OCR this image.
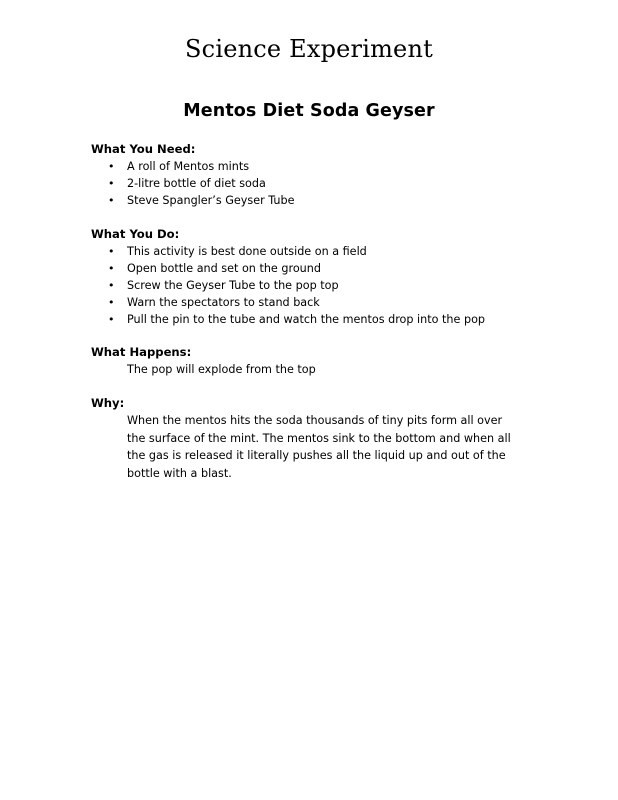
Science Experiment
Mentos Diet Soda Geyser
What You Need:
• A roll of Mentos mints
• 2-litre bottle of diet soda
• Steve Spangler’s Geyser Tube
What You Do:
• This activity is best done outside on a field
• Open bottle and set on the ground
• Screw the Geyser Tube to the pop top
• Warn the spectators to stand back
• Pull the pin to the tube and watch the mentos drop into the pop
What Happens:
The pop will explode from the top
Why:
When the mentos hits the soda thousands of tiny pits form all over
the surface of the mint. The mentos sink to the bottom and when all
the gas is released it literally pushes all the liquid up and out of the
bottle with a blast.
